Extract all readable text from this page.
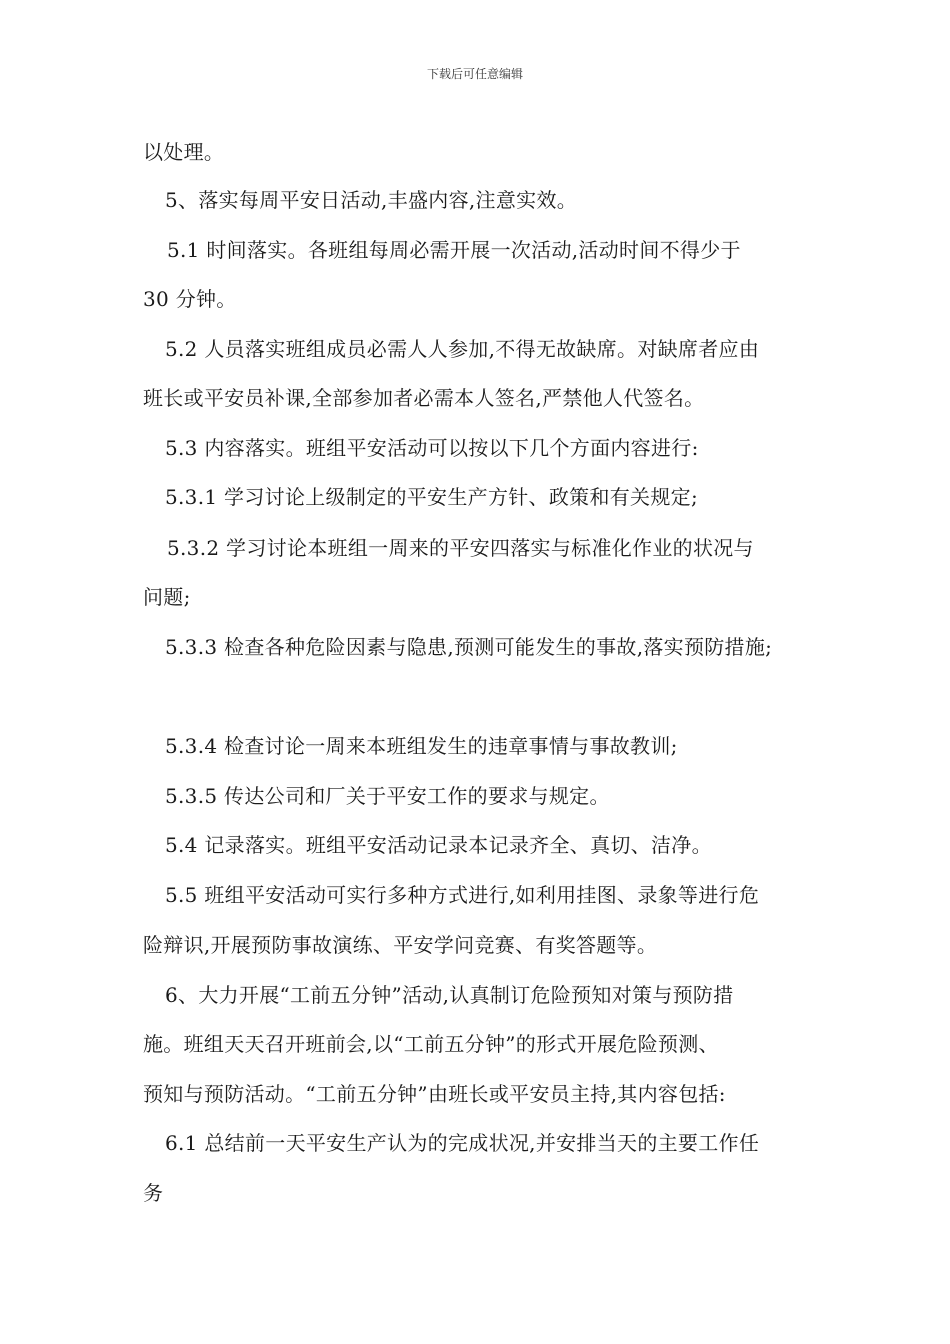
下载后可任意编辑
以处理。
5、落实每周平安日活动,丰盛内容,注意实效。
5.1 时间落实。各班组每周必需开展一次活动,活动时间不得少于
30 分钟。
5.2 人员落实班组成员必需人人参加,不得无故缺席。对缺席者应由
班长或平安员补课,全部参加者必需本人签名,严禁他人代签名。
5.3 内容落实。班组平安活动可以按以下几个方面内容进行:
5.3.1 学习讨论上级制定的平安生产方针、政策和有关规定;
5.3.2 学习讨论本班组一周来的平安四落实与标准化作业的状况与
问题;
5.3.3 检查各种危险因素与隐患,预测可能发生的事故,落实预防措施;
5.3.4 检查讨论一周来本班组发生的违章事情与事故教训;
5.3.5 传达公司和厂关于平安工作的要求与规定。
5.4 记录落实。班组平安活动记录本记录齐全、真切、洁净。
5.5 班组平安活动可实行多种方式进行,如利用挂图、录象等进行危
险辩识,开展预防事故演练、平安学问竞赛、有奖答题等。
6、大力开展“工前五分钟”活动,认真制订危险预知对策与预防措
施。班组天天召开班前会,以“工前五分钟”的形式开展危险预测、
预知与预防活动。“工前五分钟”由班长或平安员主持,其内容包括:
6.1 总结前一天平安生产认为的完成状况,并安排当天的主要工作任
务
